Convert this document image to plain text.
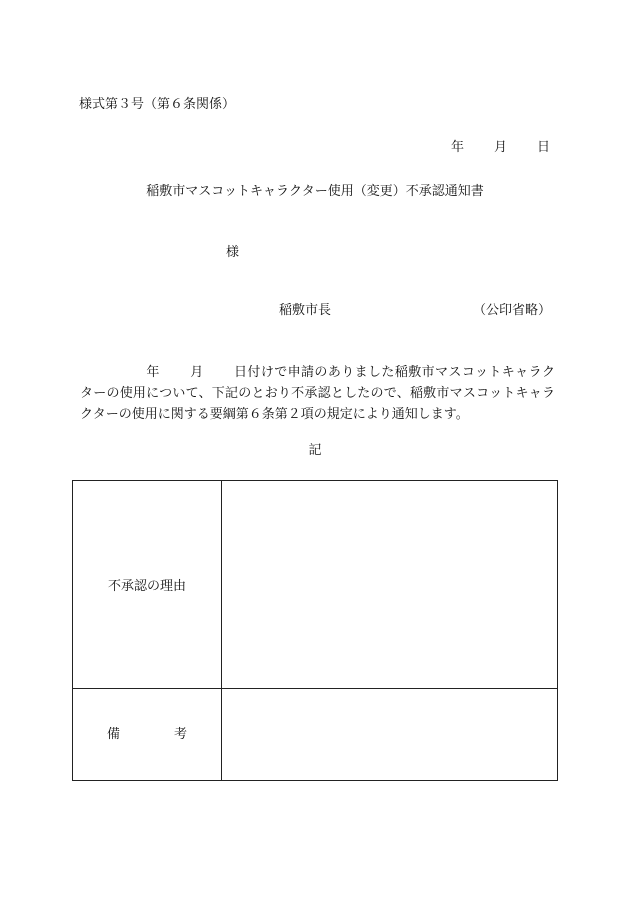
様式第３号（第６条関係）
年 月 日
稲敷市マスコットキャラクター使用（変更）不承認通知書
様
稲敷市長	（公印省略）
年 月 日付けで申請のありました稲敷市マスコットキャラクターの使用について、下記のとおり不承認としたので、稲敷市マスコットキャラクターの使用に関する要綱第６条第２項の規定により通知します。
記
不承認の理由	

備 考	
